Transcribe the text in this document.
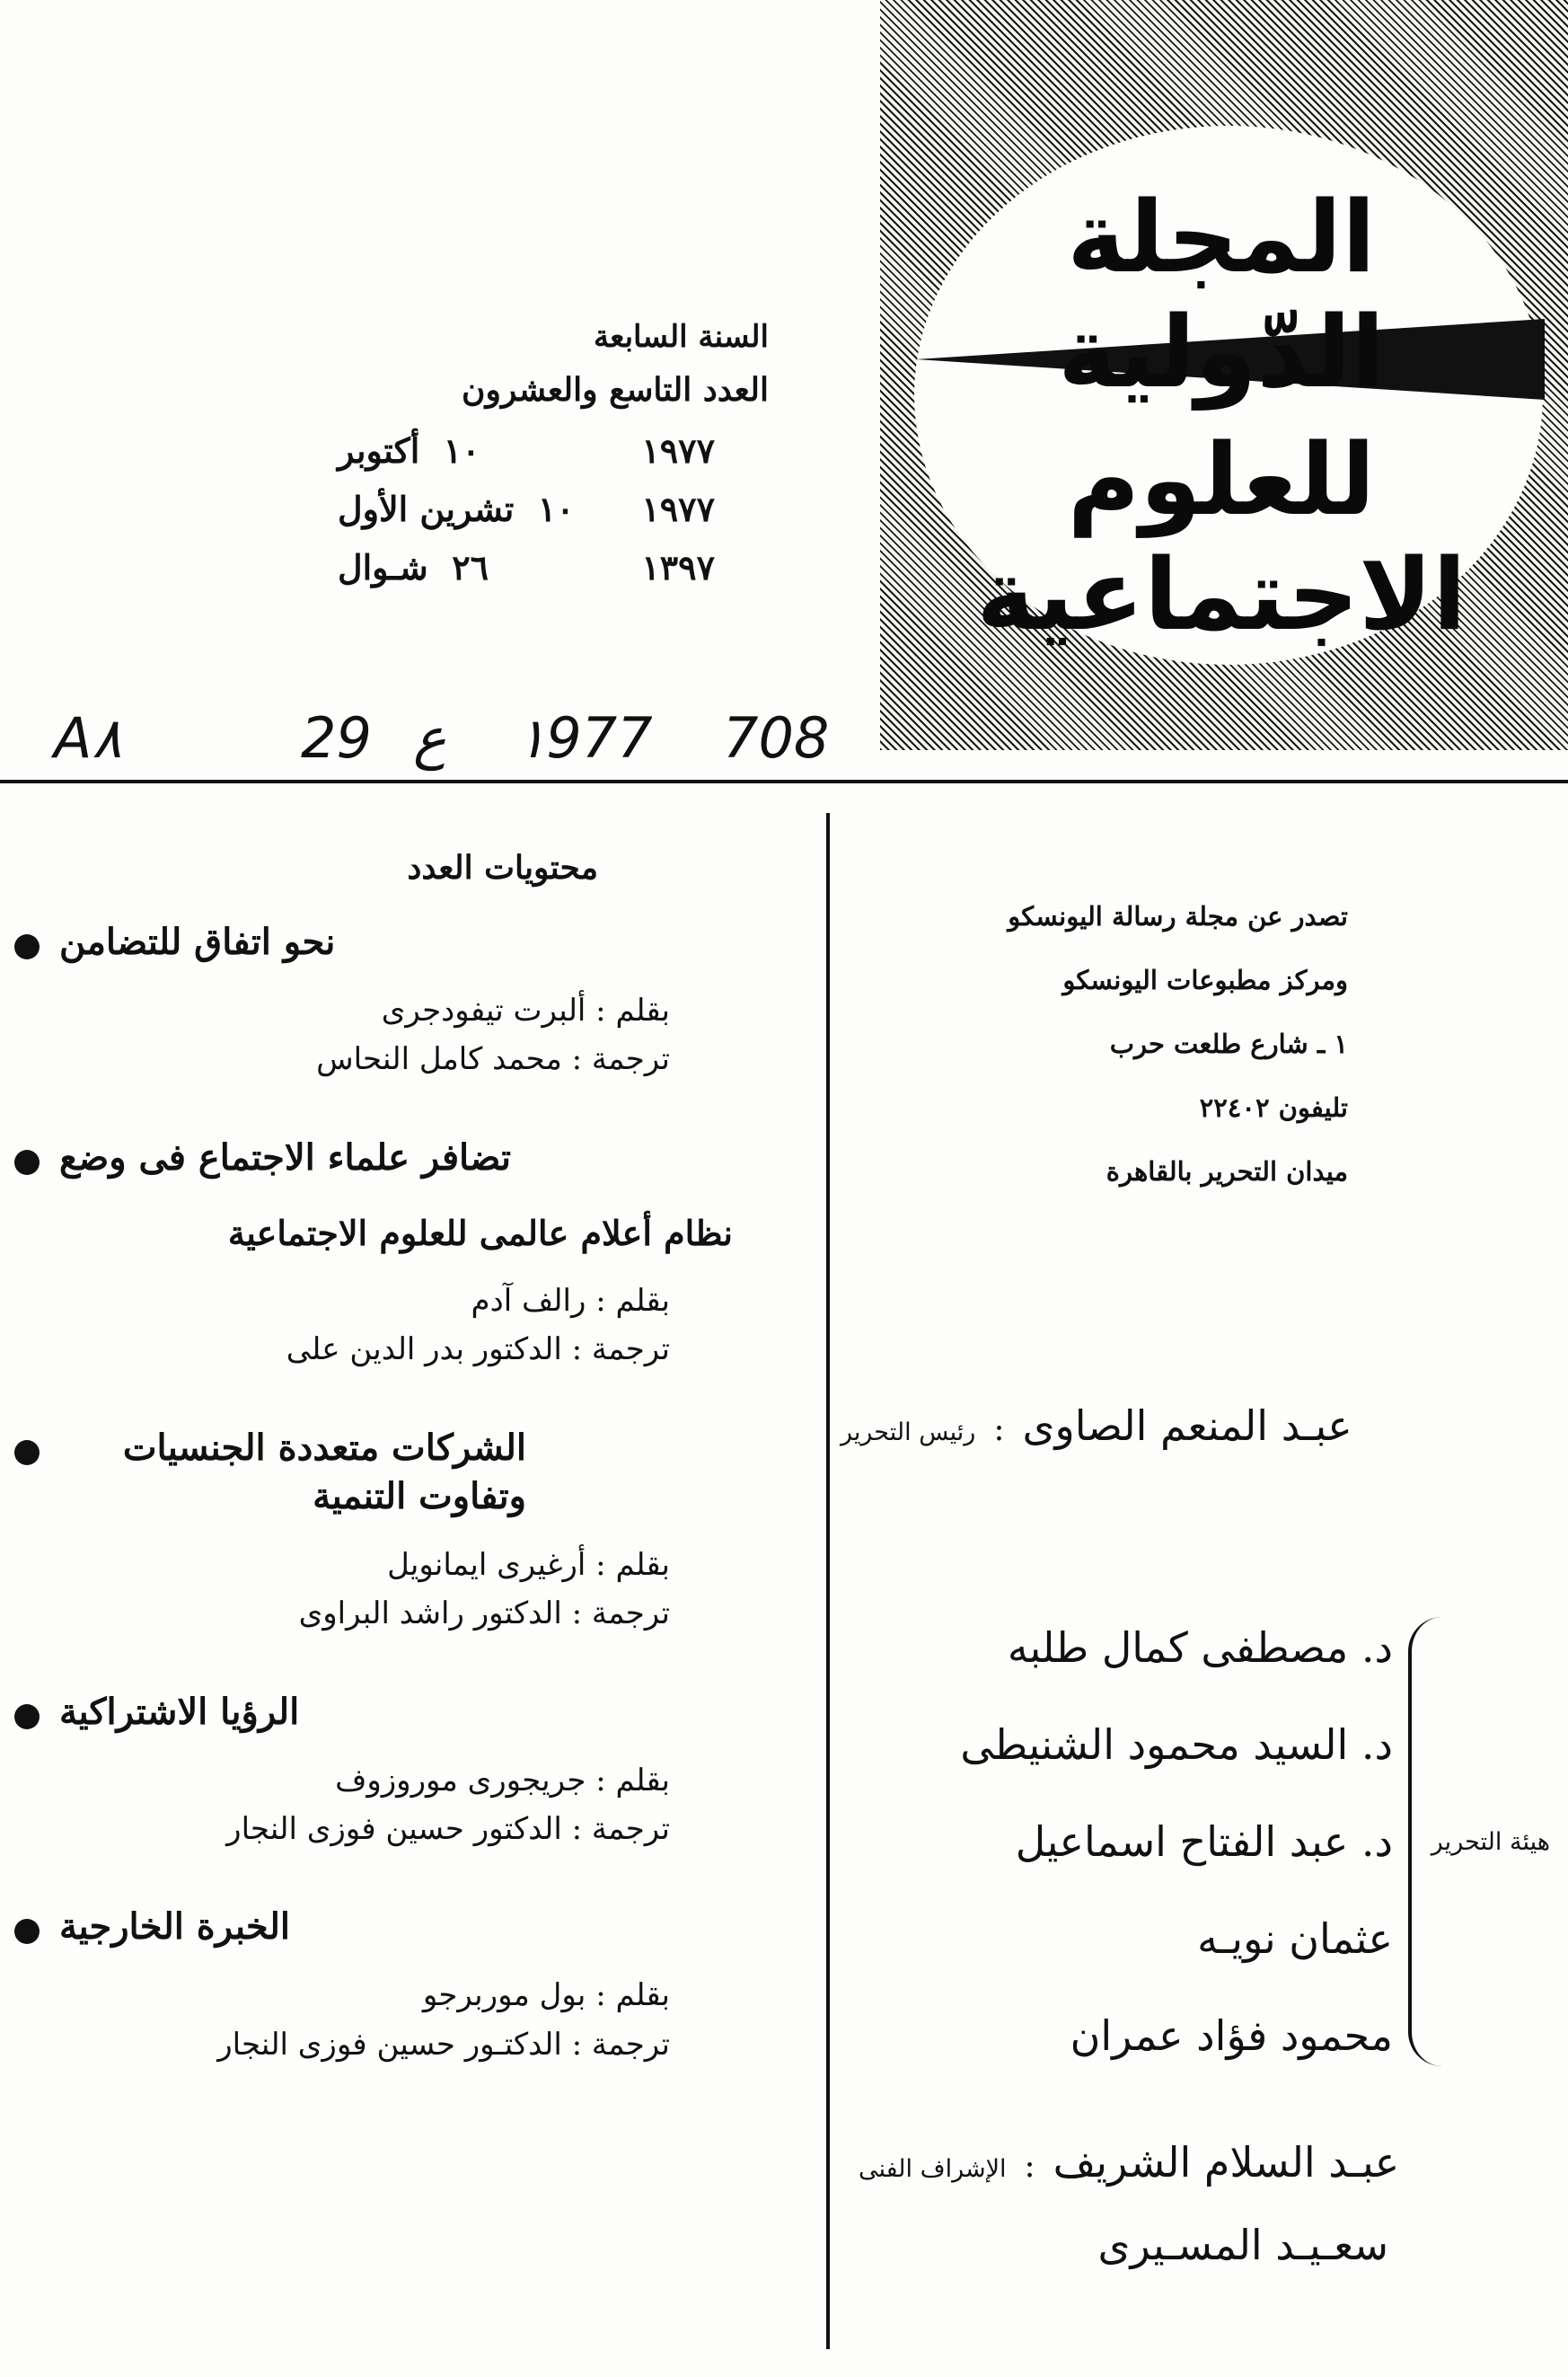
المجلة الدّولية
للعلوم الاجتماعية
السنة السابعة
العدد التاسع والعشرون
١٠  أكتوبر	١٩٧٧
١٠  تشرين الأول	١٩٧٧
٢٦  شـوال	١٣٩٧
A۸	29 ع ١977 708
محتويات العدد
نحو اتفاق للتضامن
بقلم : ألبرت تيفودجرى
ترجمة : محمد كامل النحاس
تضافر علماء الاجتماع فى وضع
نظام أعلام عالمى للعلوم الاجتماعية
بقلم : رالف آدم
ترجمة : الدكتور بدر الدين على
الشركات متعددة الجنسيات وتفاوت التنمية
بقلم : أرغيرى ايمانويل
ترجمة : الدكتور راشد البراوى
الرؤيا الاشتراكية
بقلم : جريجورى موروزوف
ترجمة : الدكتور حسين فوزى النجار
الخبرة الخارجية
بقلم : بول موربرجو
ترجمة : الدكتـور حسين فوزى النجار
تصدر عن مجلة رسالة اليونسكو
ومركز مطبوعات اليونسكو
١ ـ شارع طلعت حرب
تليفون ٢٢٤٠٢
ميدان التحرير بالقاهرة
رئيس التحرير : عبـد المنعم الصاوى
هيئة التحرير
د. مصطفى كمال طلبه
د. السيد محمود الشنيطى
د. عبد الفتاح اسماعيل
عثمان نويـه
محمود فؤاد عمران
الإشراف الفنى : عبـد السلام الشريف
سعـيـد المسـيرى
